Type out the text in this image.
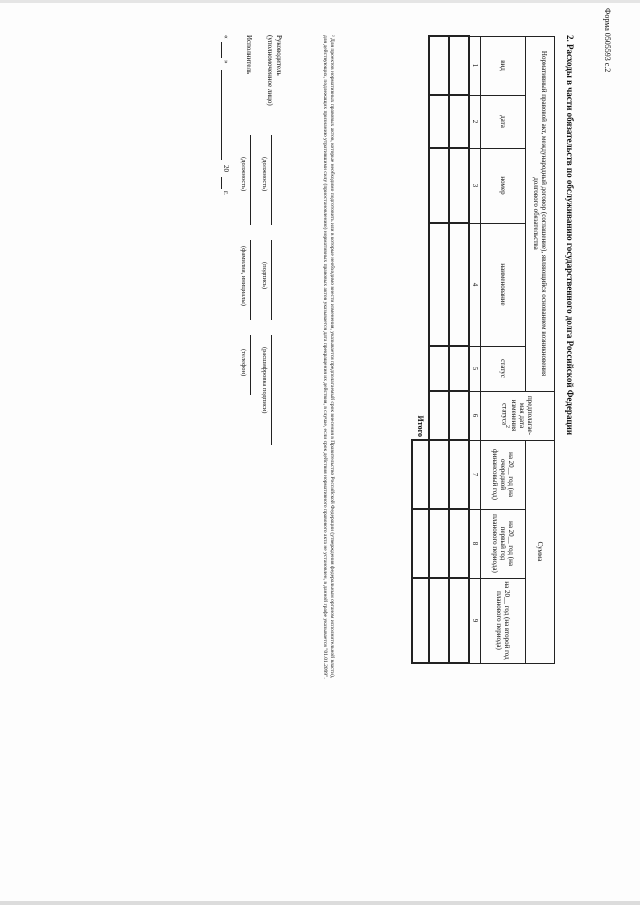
Форма 0505593 с.2
2. Расходы в части обязательств по обслуживанию государственного долга Российской Федерации
Нормативный правовой акт, международный договор (соглашение), являющийся основанием возникновения долгового обязательства					предполагае-мая дата изменения статуса$^2$	Сумма		
вид	дата	номер	наименование	статус		на 20__ год (на очередной финансовый год)	на 20__ год (на первый год планового периода)	на 20__ год (на второй год планового периода)
1	2	3	4	5	6	7	8	9

Итого								
² Для проектов нормативных правовых актов, которые необходимо подготовить или в которые необходимо внести изменения, указывается предполагаемый срок внесения в Правительство Российской Федерации (утверждения федеральным органом исполнительной власти), для действующих, подлежащих признанию утратившими силу (приостановлению) нормативных правовых актов указывается дата прекращения их действия, в случае, если срок действия нормативного правового акта не установлен, в данной графе указывается "01.01.2099".
Руководитель
(уполномоченное лицо)
(должность)
(подпись)
(расшифровка подписи)
Исполнитель
(должность)
(фамилия, инициалы)
(телефон)
«
»
20
г.
